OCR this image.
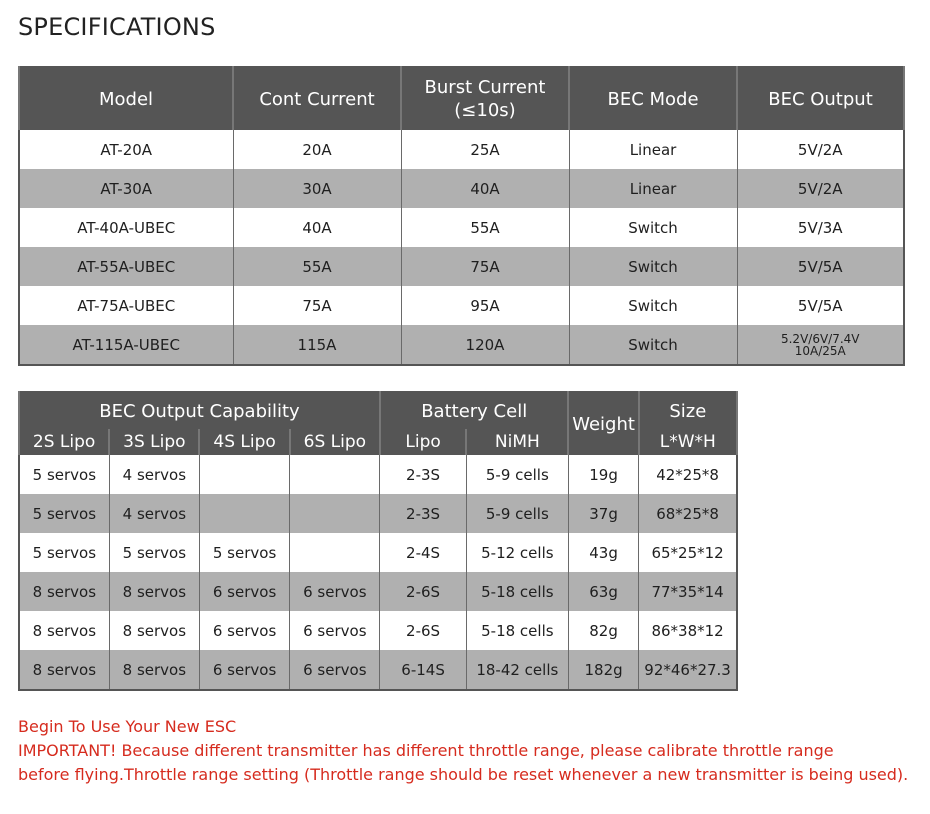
SPECIFICATIONS
Model	Cont Current	Burst Current (≤10s)	BEC Mode	BEC Output
AT-20A	20A	25A	Linear	5V/2A
AT-30A	30A	40A	Linear	5V/2A
AT-40A-UBEC	40A	55A	Switch	5V/3A
AT-55A-UBEC	55A	75A	Switch	5V/5A
AT-75A-UBEC	75A	95A	Switch	5V/5A
AT-115A-UBEC	115A	120A	Switch	5.2V/6V/7.4V
10A/25A
BEC Output Capability				Battery Cell		Weight	Size
2S Lipo	3S Lipo	4S Lipo	6S Lipo	Lipo	NiMH		L*W*H
5 servos	4 servos			2-3S	5-9 cells	19g	42*25*8
5 servos	4 servos			2-3S	5-9 cells	37g	68*25*8
5 servos	5 servos	5 servos		2-4S	5-12 cells	43g	65*25*12
8 servos	8 servos	6 servos	6 servos	2-6S	5-18 cells	63g	77*35*14
8 servos	8 servos	6 servos	6 servos	2-6S	5-18 cells	82g	86*38*12
8 servos	8 servos	6 servos	6 servos	6-14S	18-42 cells	182g	92*46*27.3
Begin To Use Your New ESC
IMPORTANT! Because different transmitter has different throttle range, please calibrate throttle range
before flying.Throttle range setting (Throttle range should be reset whenever a new transmitter is being used).
